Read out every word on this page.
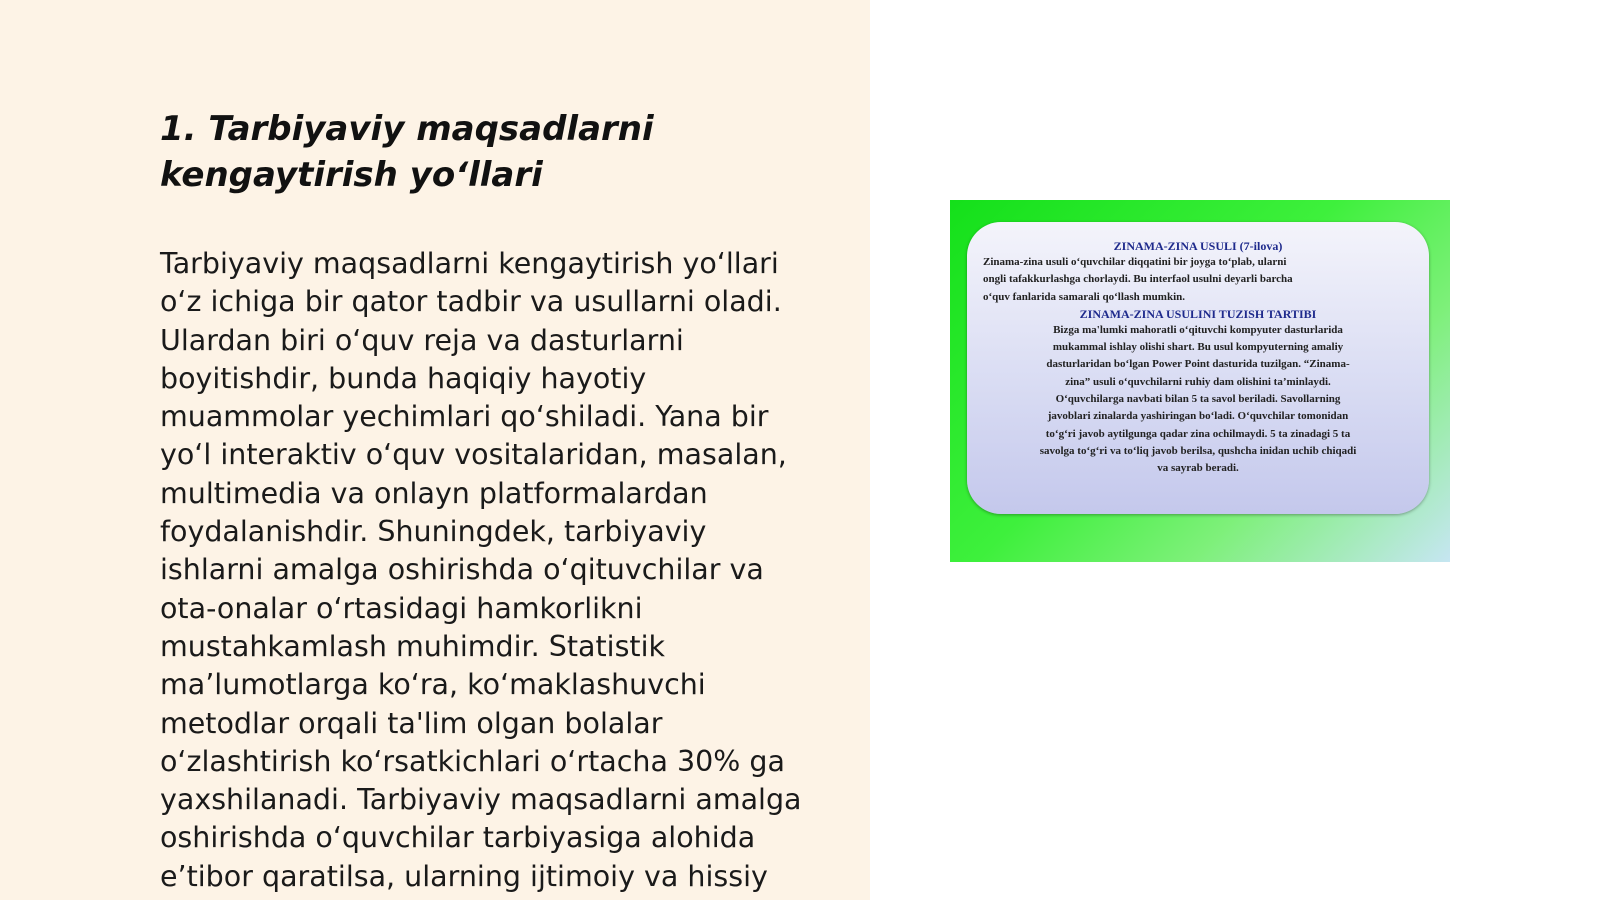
1. Tarbiyaviy maqsadlarni
kengaytirish yo‘llari

Tarbiyaviy maqsadlarni kengaytirish yo‘llari
o‘z ichiga bir qator tadbir va usullarni oladi.
Ulardan biri o‘quv reja va dasturlarni
boyitishdir, bunda haqiqiy hayotiy
muammolar yechimlari qo‘shiladi. Yana bir
yo‘l interaktiv o‘quv vositalaridan, masalan,
multimedia va onlayn platformalardan
foydalanishdir. Shuningdek, tarbiyaviy
ishlarni amalga oshirishda o‘qituvchilar va
ota-onalar o‘rtasidagi hamkorlikni
mustahkamlash muhimdir. Statistik
ma’lumotlarga ko‘ra, ko‘maklashuvchi
metodlar orqali ta'lim olgan bolalar
o‘zlashtirish ko‘rsatkichlari o‘rtacha 30% ga
yaxshilanadi. Tarbiyaviy maqsadlarni amalga
oshirishda o‘quvchilar tarbiyasiga alohida
e’tibor qaratilsa, ularning ijtimoiy va hissiy

ZINAMA-ZINA USULI (7-ilova)
Zinama-zina usuli o‘quvchilar diqqatini bir joyga to‘plab, ularni
ongli tafakkurlashga chorlaydi. Bu interfaol usulni deyarli barcha
o‘quv fanlarida samarali qo‘llash mumkin.
ZINAMA-ZINA USULINI TUZISH TARTIBI
Bizga ma'lumki mahoratli o‘qituvchi kompyuter dasturlarida
mukammal ishlay olishi shart. Bu usul kompyuterning amaliy
dasturlaridan bo‘lgan Power Point dasturida tuzilgan. “Zinama-
zina” usuli o‘quvchilarni ruhiy dam olishini ta’minlaydi.
O‘quvchilarga navbati bilan 5 ta savol beriladi. Savollarning
javoblari zinalarda yashiringan bo‘ladi. O‘quvchilar tomonidan
to‘g‘ri javob aytilgunga qadar zina ochilmaydi. 5 ta zinadagi 5 ta
savolga to‘g‘ri va to‘liq javob berilsa, qushcha inidan uchib chiqadi
va sayrab beradi.
